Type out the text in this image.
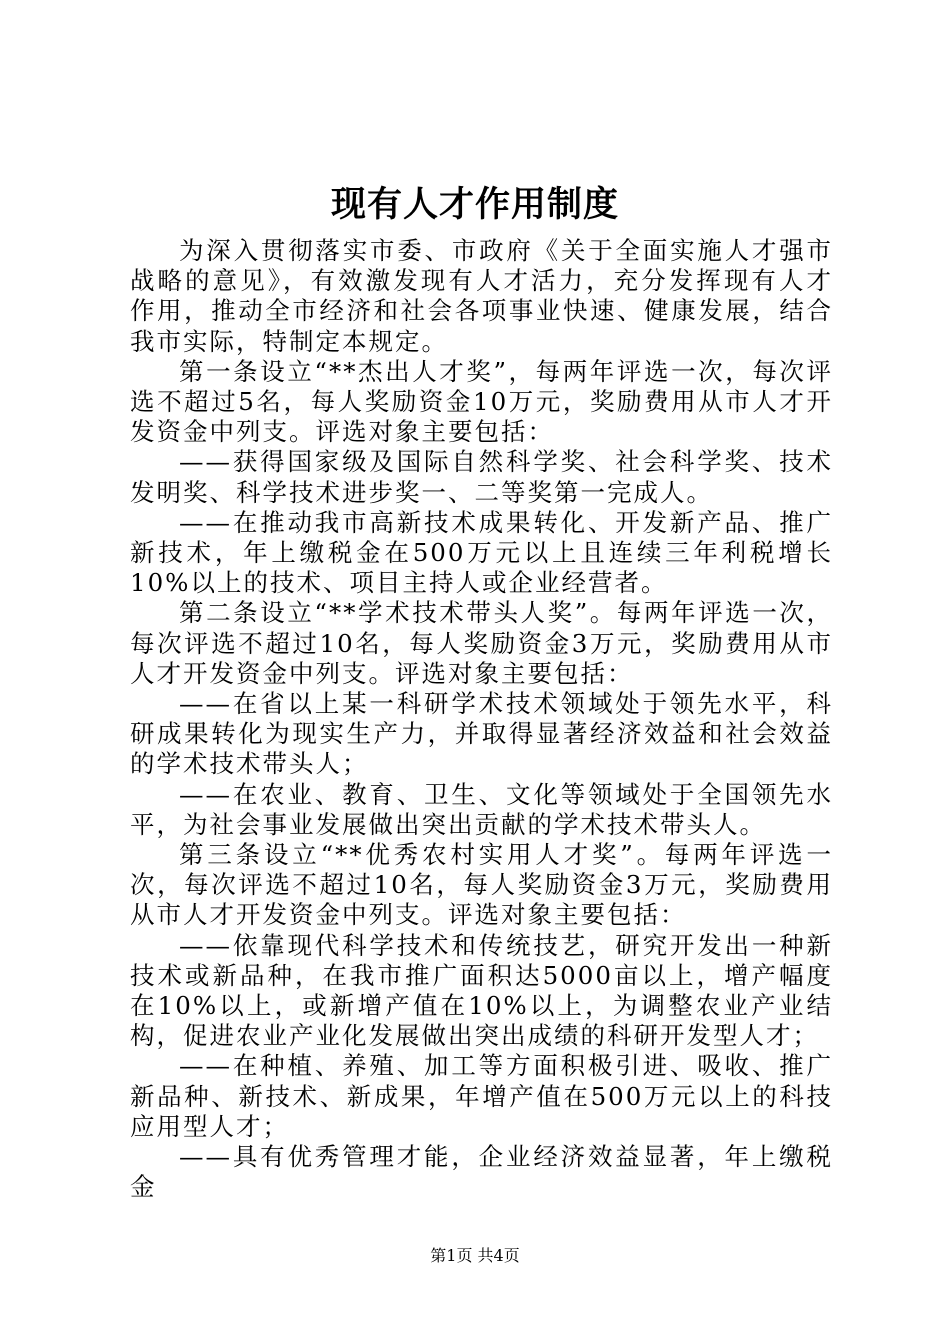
现有人才作用制度

为深入贯彻落实市委、市政府《关于全面实施人才强市战略的意见》，有效激发现有人才活力，充分发挥现有人才作用，推动全市经济和社会各项事业快速、健康发展，结合我市实际，特制定本规定。

第一条设立“**杰出人才奖”，每两年评选一次，每次评选不超过5名，每人奖励资金10万元，奖励费用从市人才开发资金中列支。评选对象主要包括：

——获得国家级及国际自然科学奖、社会科学奖、技术发明奖、科学技术进步奖一、二等奖第一完成人。

——在推动我市高新技术成果转化、开发新产品、推广新技术，年上缴税金在500万元以上且连续三年利税增长10%以上的技术、项目主持人或企业经营者。

第二条设立“**学术技术带头人奖”。每两年评选一次，每次评选不超过10名，每人奖励资金3万元，奖励费用从市人才开发资金中列支。评选对象主要包括：

——在省以上某一科研学术技术领域处于领先水平，科研成果转化为现实生产力，并取得显著经济效益和社会效益的学术技术带头人；

——在农业、教育、卫生、文化等领域处于全国领先水平，为社会事业发展做出突出贡献的学术技术带头人。

第三条设立“**优秀农村实用人才奖”。每两年评选一次，每次评选不超过10名，每人奖励资金3万元，奖励费用从市人才开发资金中列支。评选对象主要包括：

——依靠现代科学技术和传统技艺，研究开发出一种新技术或新品种，在我市推广面积达5000亩以上，增产幅度在10%以上，或新增产值在10%以上，为调整农业产业结构，促进农业产业化发展做出突出成绩的科研开发型人才；

——在种植、养殖、加工等方面积极引进、吸收、推广新品种、新技术、新成果，年增产值在500万元以上的科技应用型人才；

——具有优秀管理才能，企业经济效益显著，年上缴税金

第1页 共4页
